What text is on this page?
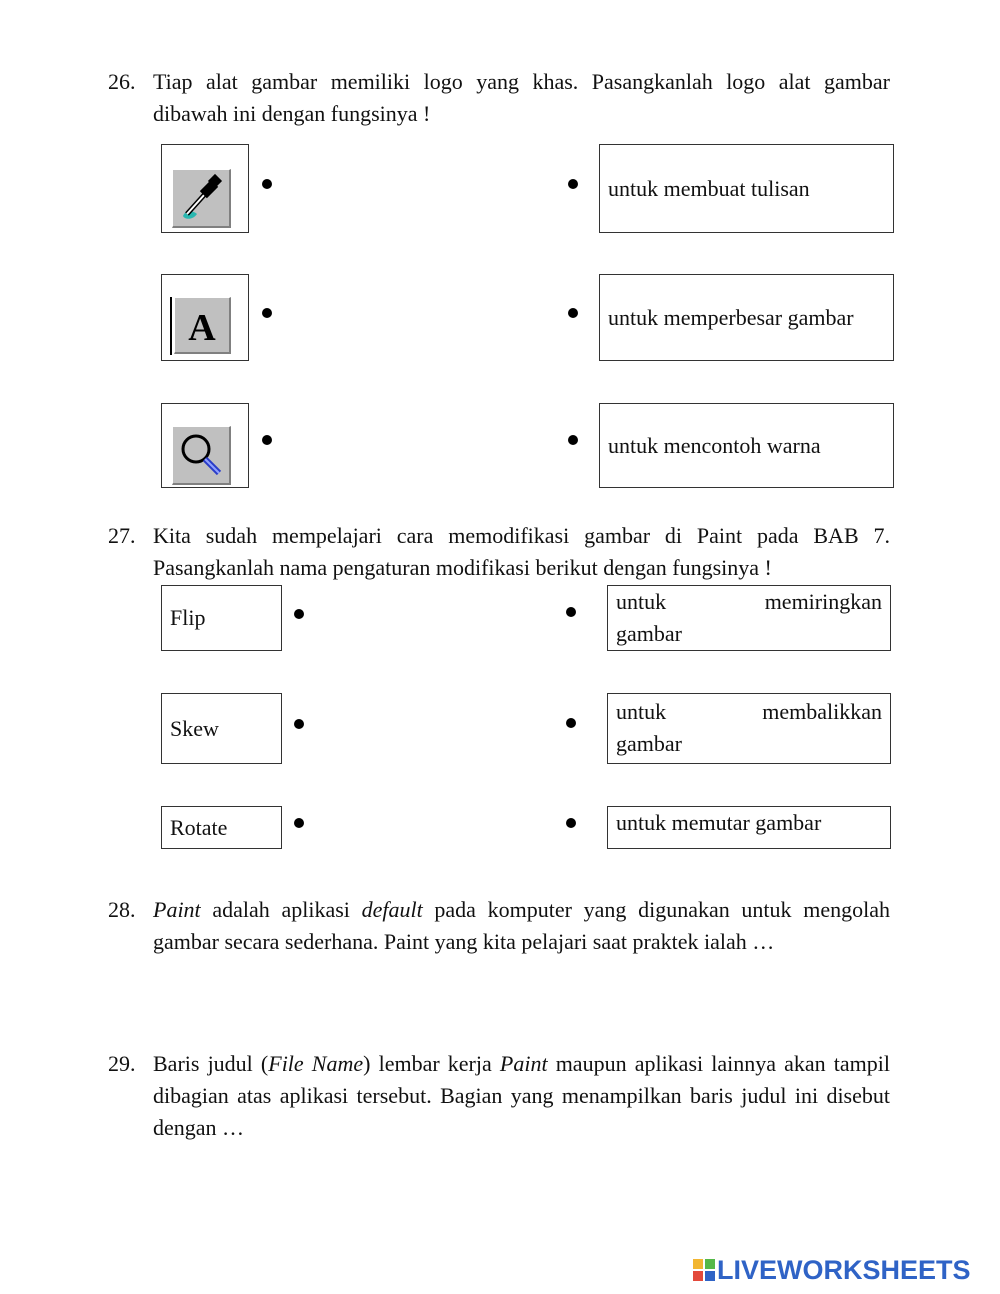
26. Tiap alat gambar memiliki logo yang khas. Pasangkanlah logo alat gambar dibawah ini dengan fungsinya !
untuk membuat tulisan
A	untuk memperbesar gambar
untuk mencontoh warna
27. Kita sudah mempelajari cara memodifikasi gambar di Paint pada BAB 7. Pasangkanlah nama pengaturan modifikasi berikut dengan fungsinya !
Flip
untuk memiringkan
gambar
Skew
untuk membalikkan
gambar
Rotate	untuk memutar gambar
28. Paint adalah aplikasi default pada komputer yang digunakan untuk mengolah gambar secara sederhana. Paint yang kita pelajari saat praktek ialah …
29. Baris judul (File Name) lembar kerja Paint maupun aplikasi lainnya akan tampil dibagian atas aplikasi tersebut. Bagian yang menampilkan baris judul ini disebut dengan …
LIVEWORKSHEETS
